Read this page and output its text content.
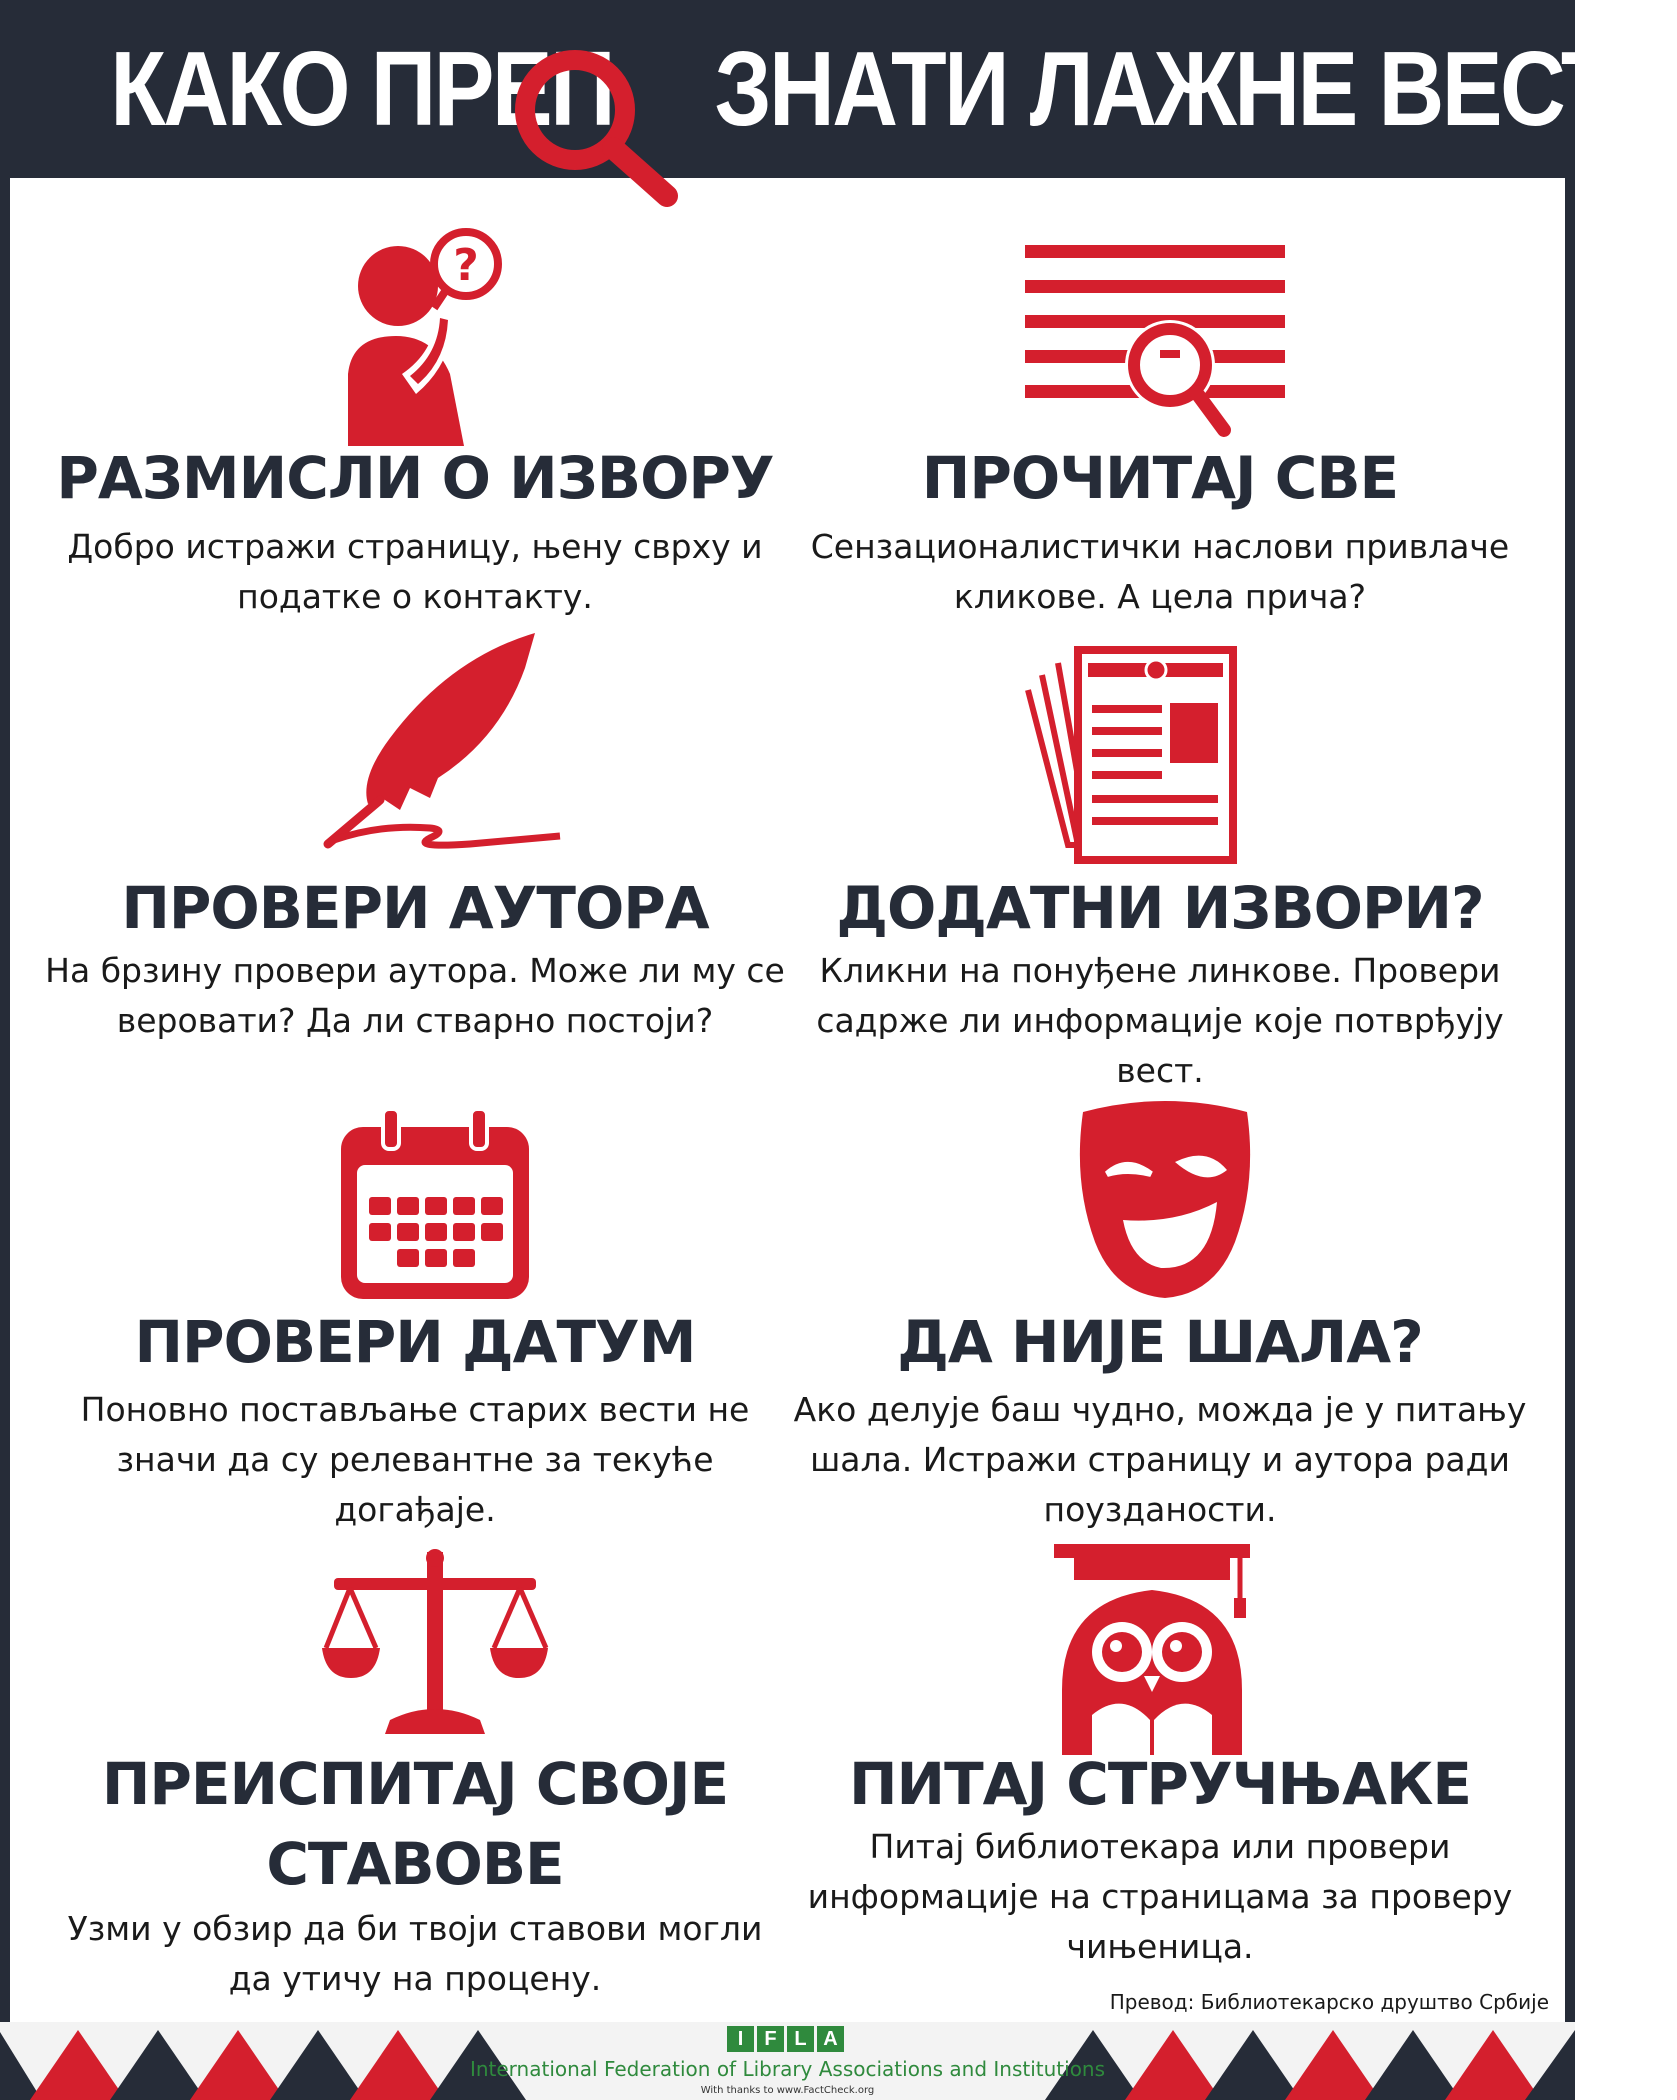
КАКО ПРЕП ЗНАТИ ЛАЖНЕ ВЕСТИ
?
РАЗМИСЛИ О ИЗВОРУ
Добро истражи страницу, њену сврху и податке о контакту.
ПРОЧИТАЈ СВЕ
Сензационалистички наслови привлаче кликове. А цела прича?
ПРОВЕРИ АУТОРА
На брзину провери аутора. Може ли му се веровати? Да ли стварно постоји?
ДОДАТНИ ИЗВОРИ?
Кликни на понуђене линкове. Провери садрже ли информације које потврђују вест.
ПРОВЕРИ ДАТУМ
Поновно постављање старих вести не значи да су релевантне за текуће догађаје.
ДА НИЈЕ ШАЛА?
Ако делује баш чудно, можда је у питању шала. Истражи страницу и аутора ради поузданости.
ПРЕИСПИТАЈ СВОЈЕ СТАВОВЕ
Узми у обзир да би твоји ставови могли да утичу на процену.
ПИТАЈ СТРУЧЊАКЕ
Питај библиотекара или провери информације на страницама за проверу чињеница.
Превод: Библиотекарско друштво Србије
I	F L A
International Federation of Library Associations and Institutions
With thanks to www.FactCheck.org
